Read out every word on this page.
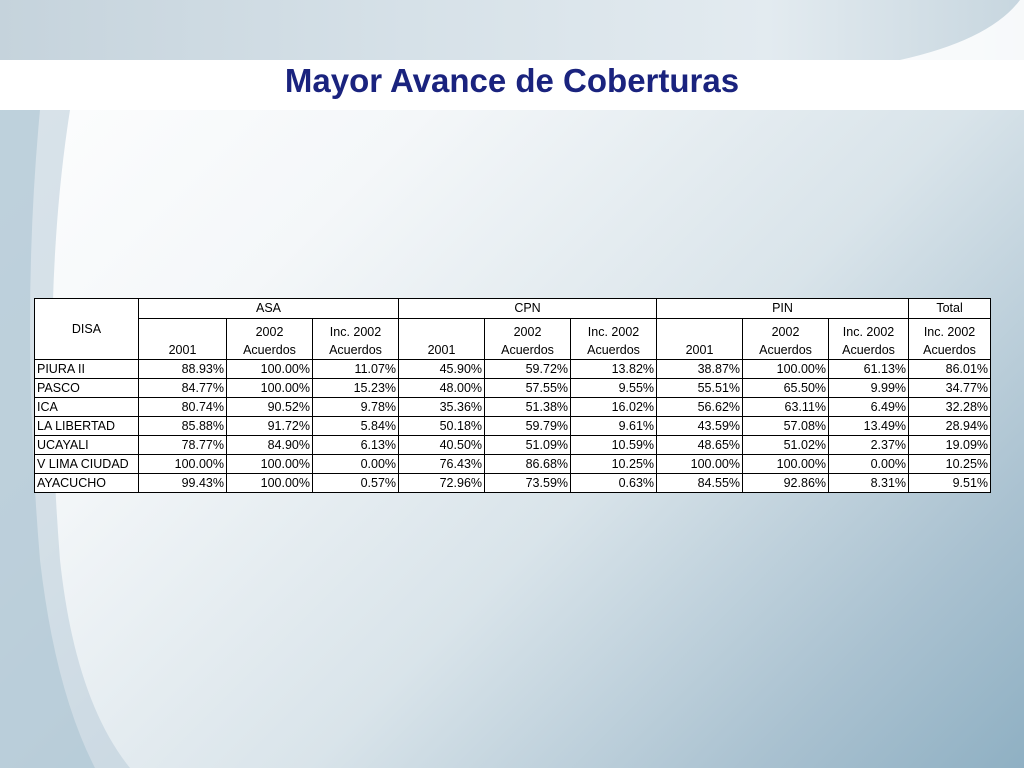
Mayor Avance de Coberturas
DISA	ASA			CPN			PIN			Total
	2001	2002 Acuerdos	Inc. 2002 Acuerdos	2001	2002 Acuerdos	Inc. 2002 Acuerdos	2001	2002 Acuerdos	Inc. 2002 Acuerdos	Inc. 2002 Acuerdos
PIURA II	88.93%	100.00%	11.07%	45.90%	59.72%	13.82%	38.87%	100.00%	61.13%	86.01%
PASCO	84.77%	100.00%	15.23%	48.00%	57.55%	9.55%	55.51%	65.50%	9.99%	34.77%
ICA	80.74%	90.52%	9.78%	35.36%	51.38%	16.02%	56.62%	63.11%	6.49%	32.28%
LA LIBERTAD	85.88%	91.72%	5.84%	50.18%	59.79%	9.61%	43.59%	57.08%	13.49%	28.94%
UCAYALI	78.77%	84.90%	6.13%	40.50%	51.09%	10.59%	48.65%	51.02%	2.37%	19.09%
V LIMA CIUDAD	100.00%	100.00%	0.00%	76.43%	86.68%	10.25%	100.00%	100.00%	0.00%	10.25%
AYACUCHO	99.43%	100.00%	0.57%	72.96%	73.59%	0.63%	84.55%	92.86%	8.31%	9.51%
